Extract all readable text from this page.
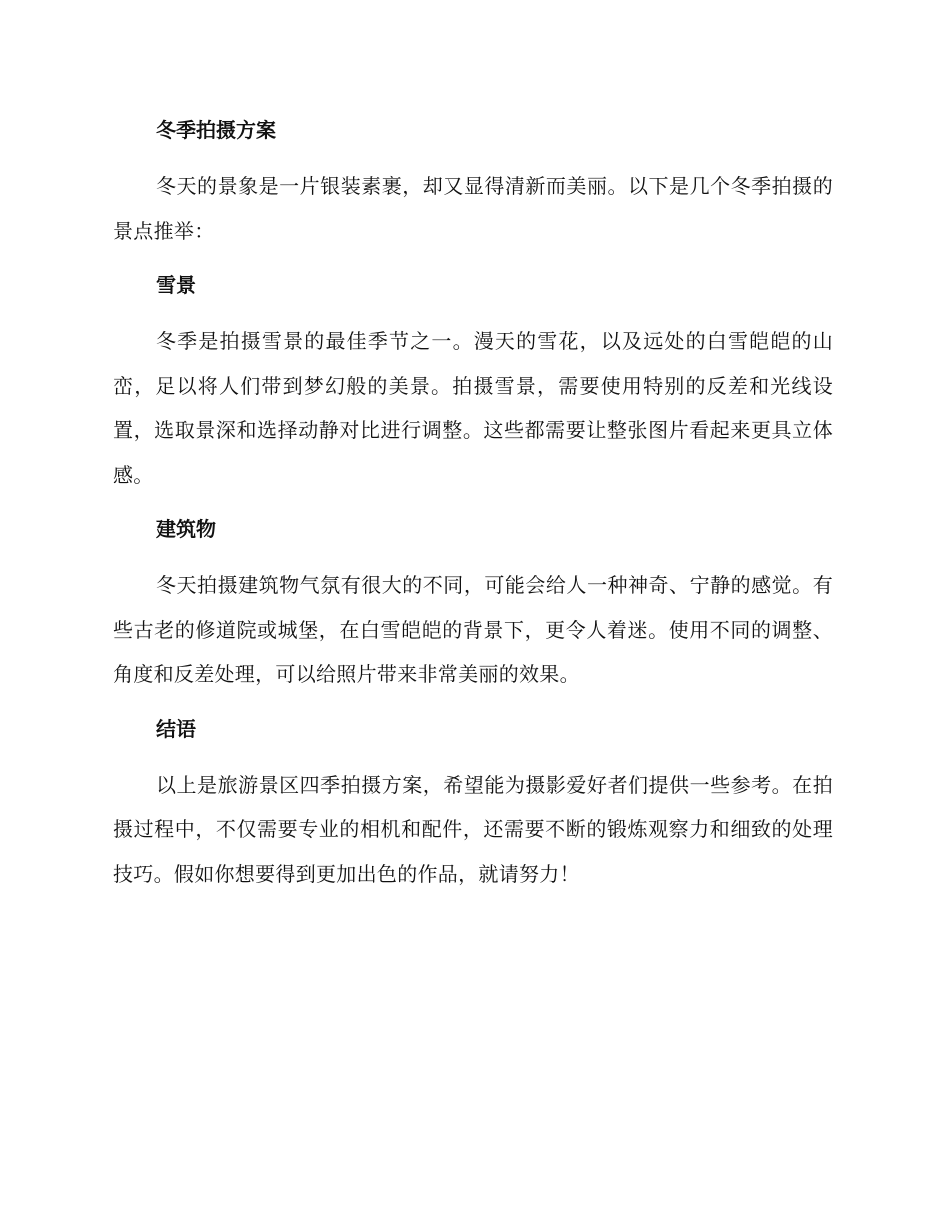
冬季拍摄方案

冬天的景象是一片银装素裹，却又显得清新而美丽。以下是几个冬季拍摄的景点推举：

雪景

冬季是拍摄雪景的最佳季节之一。漫天的雪花，以及远处的白雪皑皑的山峦，足以将人们带到梦幻般的美景。拍摄雪景，需要使用特别的反差和光线设置，选取景深和选择动静对比进行调整。这些都需要让整张图片看起来更具立体感。

建筑物

冬天拍摄建筑物气氛有很大的不同，可能会给人一种神奇、宁静的感觉。有些古老的修道院或城堡，在白雪皑皑的背景下，更令人着迷。使用不同的调整、角度和反差处理，可以给照片带来非常美丽的效果。

结语

以上是旅游景区四季拍摄方案，希望能为摄影爱好者们提供一些参考。在拍摄过程中，不仅需要专业的相机和配件，还需要不断的锻炼观察力和细致的处理技巧。假如你想要得到更加出色的作品，就请努力！
